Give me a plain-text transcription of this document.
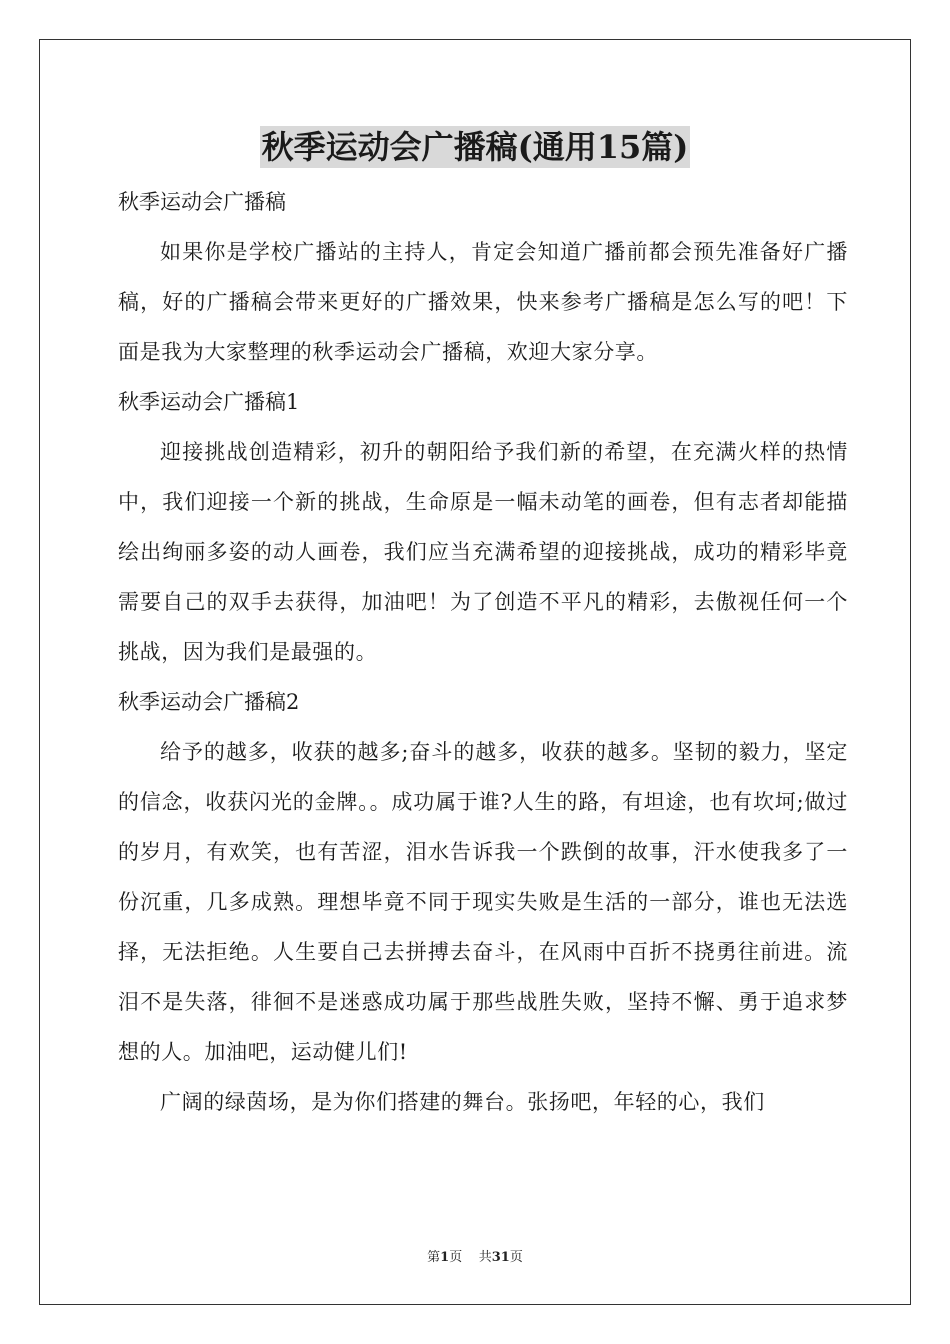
秋季运动会广播稿(通用15篇)

秋季运动会广播稿

如果你是学校广播站的主持人，肯定会知道广播前都会预先准备好广播稿，好的广播稿会带来更好的广播效果，快来参考广播稿是怎么写的吧！下面是我为大家整理的秋季运动会广播稿，欢迎大家分享。

秋季运动会广播稿1

迎接挑战创造精彩，初升的朝阳给予我们新的希望，在充满火样的热情中，我们迎接一个新的挑战，生命原是一幅未动笔的画卷，但有志者却能描绘出绚丽多姿的动人画卷，我们应当充满希望的迎接挑战，成功的精彩毕竟需要自己的双手去获得，加油吧！为了创造不平凡的精彩，去傲视任何一个挑战，因为我们是最强的。

秋季运动会广播稿2

给予的越多，收获的越多;奋斗的越多，收获的越多。坚韧的毅力，坚定的信念，收获闪光的金牌。。成功属于谁?人生的路，有坦途，也有坎坷;做过的岁月，有欢笑，也有苦涩，泪水告诉我一个跌倒的故事，汗水使我多了一份沉重，几多成熟。理想毕竟不同于现实失败是生活的一部分，谁也无法选择，无法拒绝。人生要自己去拼搏去奋斗，在风雨中百折不挠勇往前进。流泪不是失落，徘徊不是迷惑成功属于那些战胜失败，坚持不懈、勇于追求梦想的人。加油吧，运动健儿们!

广阔的绿茵场，是为你们搭建的舞台。张扬吧，年轻的心，我们

第1页 共31页
